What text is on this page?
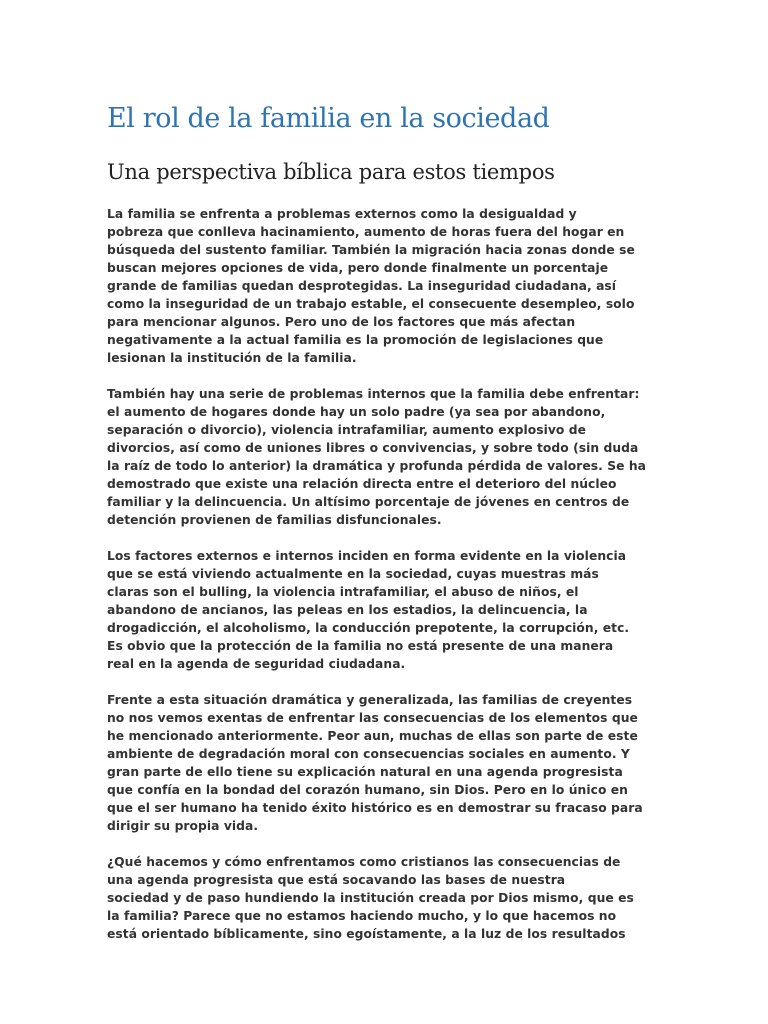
El rol de la familia en la sociedad
Una perspectiva bíblica para estos tiempos

La familia se enfrenta a problemas externos como la desigualdad y
pobreza que conlleva hacinamiento, aumento de horas fuera del hogar en
búsqueda del sustento familiar. También la migración hacia zonas donde se
buscan mejores opciones de vida, pero donde finalmente un porcentaje
grande de familias quedan desprotegidas. La inseguridad ciudadana, así
como la inseguridad de un trabajo estable, el consecuente desempleo, solo
para mencionar algunos. Pero uno de los factores que más afectan
negativamente a la actual familia es la promoción de legislaciones que
lesionan la institución de la familia.

También hay una serie de problemas internos que la familia debe enfrentar:
el aumento de hogares donde hay un solo padre (ya sea por abandono,
separación o divorcio), violencia intrafamiliar, aumento explosivo de
divorcios, así como de uniones libres o convivencias, y sobre todo (sin duda
la raíz de todo lo anterior) la dramática y profunda pérdida de valores. Se ha
demostrado que existe una relación directa entre el deterioro del núcleo
familiar y la delincuencia. Un altísimo porcentaje de jóvenes en centros de
detención provienen de familias disfuncionales.

Los factores externos e internos inciden en forma evidente en la violencia
que se está viviendo actualmente en la sociedad, cuyas muestras más
claras son el bulling, la violencia intrafamiliar, el abuso de niños, el
abandono de ancianos, las peleas en los estadios, la delincuencia, la
drogadicción, el alcoholismo, la conducción prepotente, la corrupción, etc.
Es obvio que la protección de la familia no está presente de una manera
real en la agenda de seguridad ciudadana.

Frente a esta situación dramática y generalizada, las familias de creyentes
no nos vemos exentas de enfrentar las consecuencias de los elementos que
he mencionado anteriormente. Peor aun, muchas de ellas son parte de este
ambiente de degradación moral con consecuencias sociales en aumento. Y
gran parte de ello tiene su explicación natural en una agenda progresista
que confía en la bondad del corazón humano, sin Dios. Pero en lo único en
que el ser humano ha tenido éxito histórico es en demostrar su fracaso para
dirigir su propia vida.

¿Qué hacemos y cómo enfrentamos como cristianos las consecuencias de
una agenda progresista que está socavando las bases de nuestra
sociedad y de paso hundiendo la institución creada por Dios mismo, que es
la familia? Parece que no estamos haciendo mucho, y lo que hacemos no
está orientado bíblicamente, sino egoístamente, a la luz de los resultados
